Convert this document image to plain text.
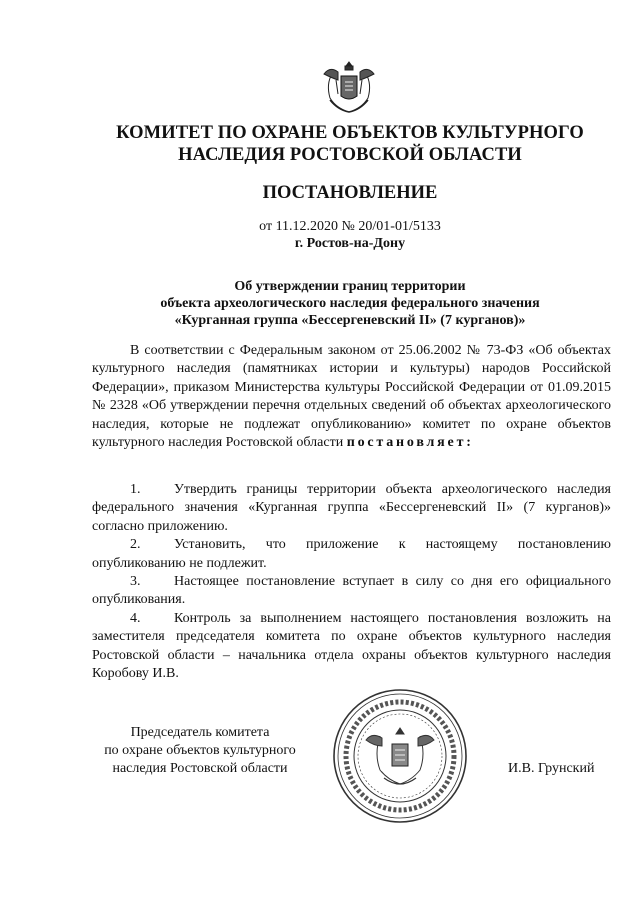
КОМИТЕТ ПО ОХРАНЕ ОБЪЕКТОВ КУЛЬТУРНОГО
НАСЛЕДИЯ РОСТОВСКОЙ ОБЛАСТИ
ПОСТАНОВЛЕНИЕ
от 11.12.2020 № 20/01-01/5133
г. Ростов-на-Дону
Об утверждении границ территории
объекта археологического наследия федерального значения
«Курганная группа «Бессергеневский II» (7 курганов)»

В соответствии с Федеральным законом от 25.06.2002 № 73-ФЗ «Об объектах культурного наследия (памятниках истории и культуры) народов Российской Федерации», приказом Министерства культуры Российской Федерации от 01.09.2015 № 2328 «Об утверждении перечня отдельных сведений об объектах археологического наследия, которые не подлежат опубликованию» комитет по охране объектов культурного наследия Ростовской области постановляет:

1. Утвердить границы территории объекта археологического наследия федерального значения «Курганная группа «Бессергеневский II» (7 курганов)» согласно приложению.

2. Установить, что приложение к настоящему постановлению опубликованию не подлежит.

3. Настоящее постановление вступает в силу со дня его официального опубликования.

4. Контроль за выполнением настоящего постановления возложить на заместителя председателя комитета по охране объектов культурного наследия Ростовской области – начальника отдела охраны объектов культурного наследия Коробову И.В.

Председатель комитета
по охране объектов культурного
наследия Ростовской области	И.В. Грунский
